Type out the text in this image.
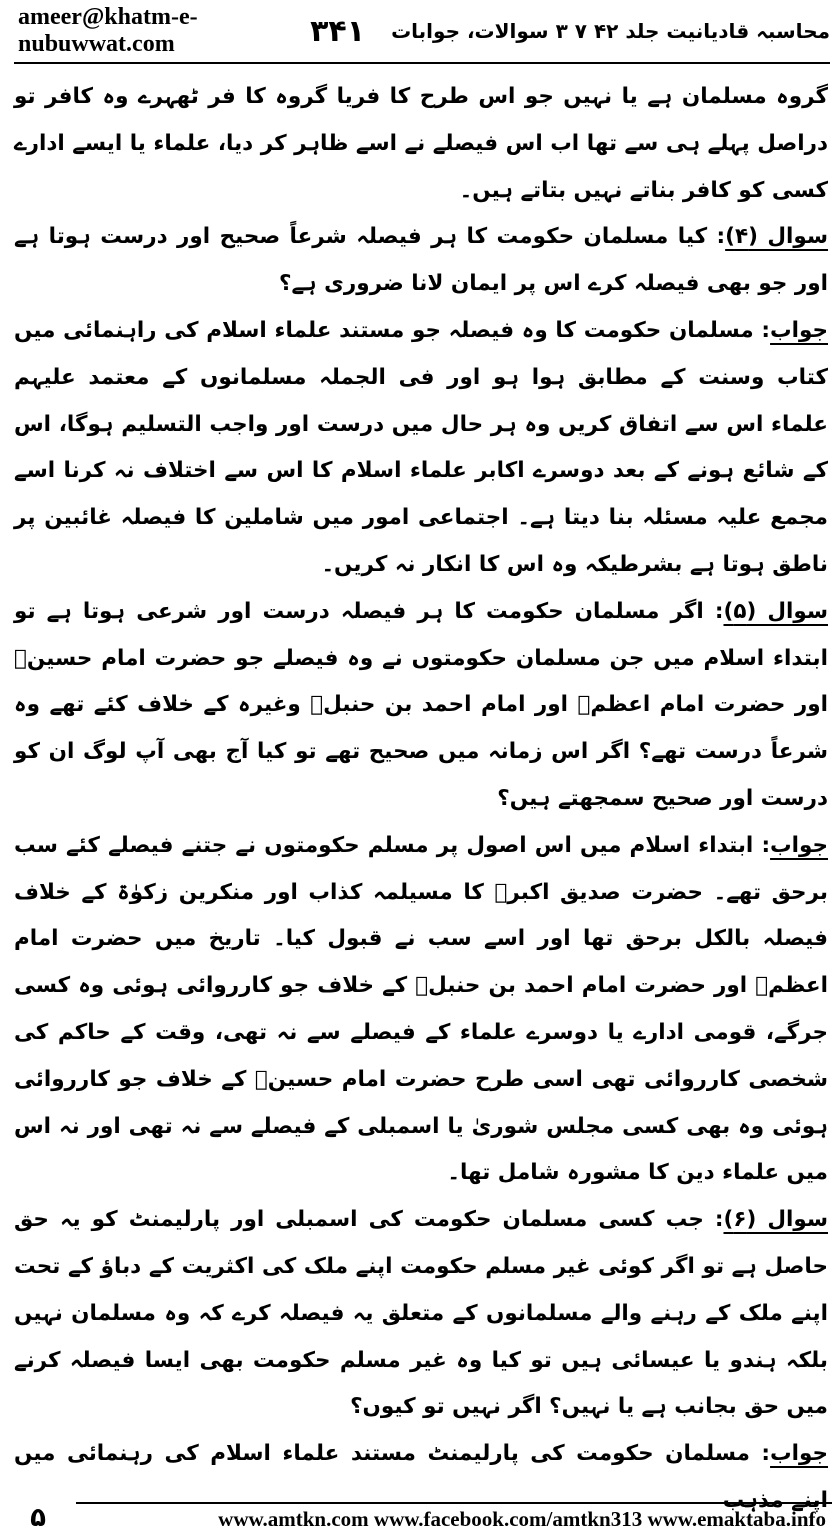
ameer@khatm-e-nubuwwat.com	۳۴۱ محاسبہ قادیانیت جلد ۴۲ ۷ ۳ سوالات، جوابات

گروہ مسلمان ہے یا نہیں جو اس طرح کا فریا گروہ کا فر ٹھہرے وہ کافر تو دراصل پہلے ہی سے تھا اب اس فیصلے نے اسے ظاہر کر دیا، علماء یا ایسے ادارے کسی کو کافر بناتے نہیں بتاتے ہیں۔

سوال (۴): کیا مسلمان حکومت کا ہر فیصلہ شرعاً صحیح اور درست ہوتا ہے اور جو بھی فیصلہ کرے اس پر ایمان لانا ضروری ہے؟

جواب: مسلمان حکومت کا وہ فیصلہ جو مستند علماء اسلام کی راہنمائی میں کتاب وسنت کے مطابق ہوا ہو اور فی الجملہ مسلمانوں کے معتمد علیہم علماء اس سے اتفاق کریں وہ ہر حال میں درست اور واجب التسلیم ہوگا، اس کے شائع ہونے کے بعد دوسرے اکابر علماء اسلام کا اس سے اختلاف نہ کرنا اسے مجمع علیہ مسئلہ بنا دیتا ہے۔ اجتماعی امور میں شاملین کا فیصلہ غائبین پر ناطق ہوتا ہے بشرطیکہ وہ اس کا انکار نہ کریں۔

سوال (۵): اگر مسلمان حکومت کا ہر فیصلہ درست اور شرعی ہوتا ہے تو ابتداء اسلام میں جن مسلمان حکومتوں نے وہ فیصلے جو حضرت امام حسینؓ اور حضرت امام اعظمؒ اور امام احمد بن حنبلؒ وغیرہ کے خلاف کئے تھے وہ شرعاً درست تھے؟ اگر اس زمانہ میں صحیح تھے تو کیا آج بھی آپ لوگ ان کو درست اور صحیح سمجھتے ہیں؟

جواب: ابتداء اسلام میں اس اصول پر مسلم حکومتوں نے جتنے فیصلے کئے سب برحق تھے۔ حضرت صدیق اکبرؓ کا مسیلمہ کذاب اور منکرین زکوٰۃ کے خلاف فیصلہ بالکل برحق تھا اور اسے سب نے قبول کیا۔ تاریخ میں حضرت امام اعظمؒ اور حضرت امام احمد بن حنبلؒ کے خلاف جو کارروائی ہوئی وہ کسی جرگے، قومی ادارے یا دوسرے علماء کے فیصلے سے نہ تھی، وقت کے حاکم کی شخصی کارروائی تھی اسی طرح حضرت امام حسینؓ کے خلاف جو کارروائی ہوئی وہ بھی کسی مجلس شوریٰ یا اسمبلی کے فیصلے سے نہ تھی اور نہ اس میں علماء دین کا مشورہ شامل تھا۔

سوال (۶): جب کسی مسلمان حکومت کی اسمبلی اور پارلیمنٹ کو یہ حق حاصل ہے تو اگر کوئی غیر مسلم حکومت اپنے ملک کی اکثریت کے دباؤ کے تحت اپنے ملک کے رہنے والے مسلمانوں کے متعلق یہ فیصلہ کرے کہ وہ مسلمان نہیں بلکہ ہندو یا عیسائی ہیں تو کیا وہ غیر مسلم حکومت بھی ایسا فیصلہ کرنے میں حق بجانب ہے یا نہیں؟ اگر نہیں تو کیوں؟

جواب: مسلمان حکومت کی پارلیمنٹ مستند علماء اسلام کی رہنمائی میں اپنے مذہب

۵	www.amtkn.com www.facebook.com/amtkn313 www.emaktaba.info
